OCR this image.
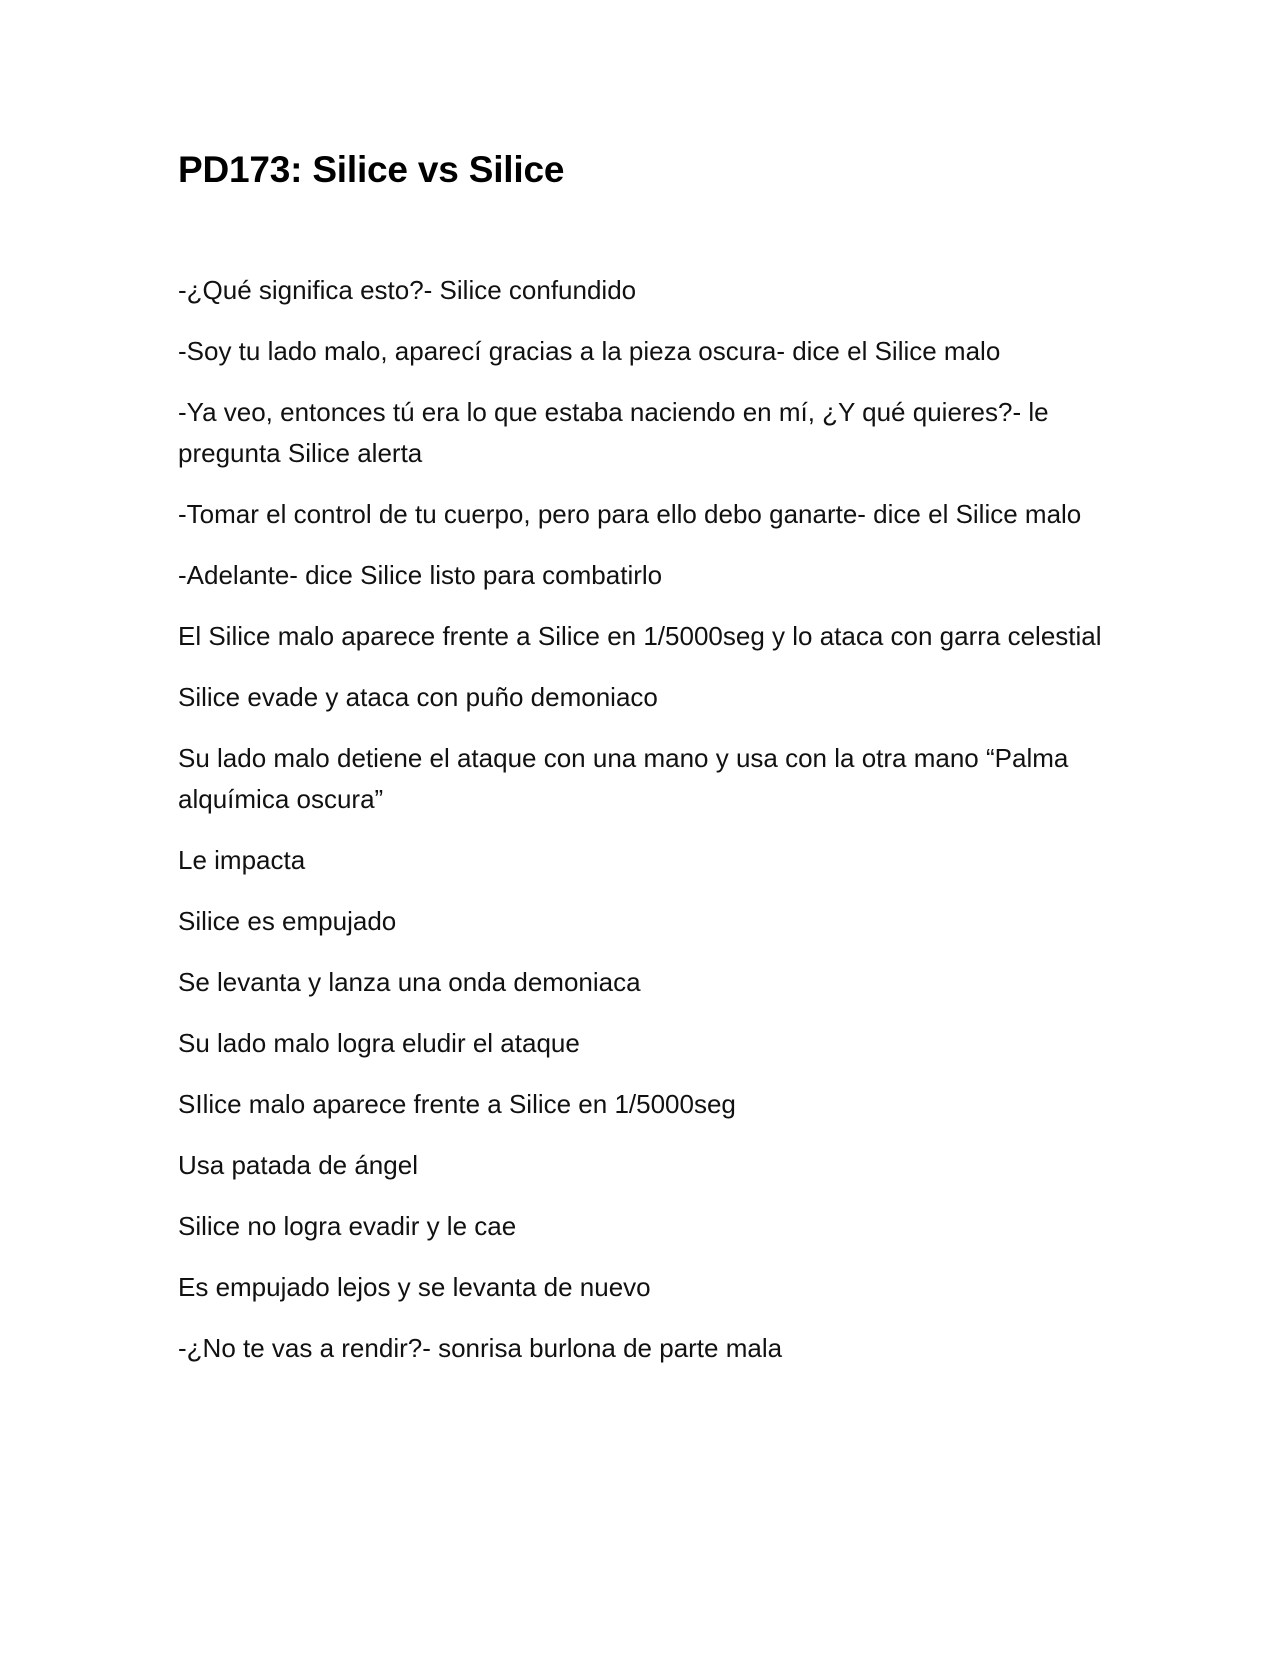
PD173: Silice vs Silice

-¿Qué significa esto?- Silice confundido

-Soy tu lado malo, aparecí gracias a la pieza oscura- dice el Silice malo

-Ya veo, entonces tú era lo que estaba naciendo en mí, ¿Y qué quieres?- le pregunta Silice alerta

-Tomar el control de tu cuerpo, pero para ello debo ganarte- dice el Silice malo

-Adelante- dice Silice listo para combatirlo

El Silice malo aparece frente a Silice en 1/5000seg y lo ataca con garra celestial

Silice evade y ataca con puño demoniaco

Su lado malo detiene el ataque con una mano y usa con la otra mano “Palma alquímica oscura”

Le impacta

Silice es empujado

Se levanta y lanza una onda demoniaca

Su lado malo logra eludir el ataque

SIlice malo aparece frente a Silice en 1/5000seg

Usa patada de ángel

Silice no logra evadir y le cae

Es empujado lejos y se levanta de nuevo

-¿No te vas a rendir?- sonrisa burlona de parte mala
